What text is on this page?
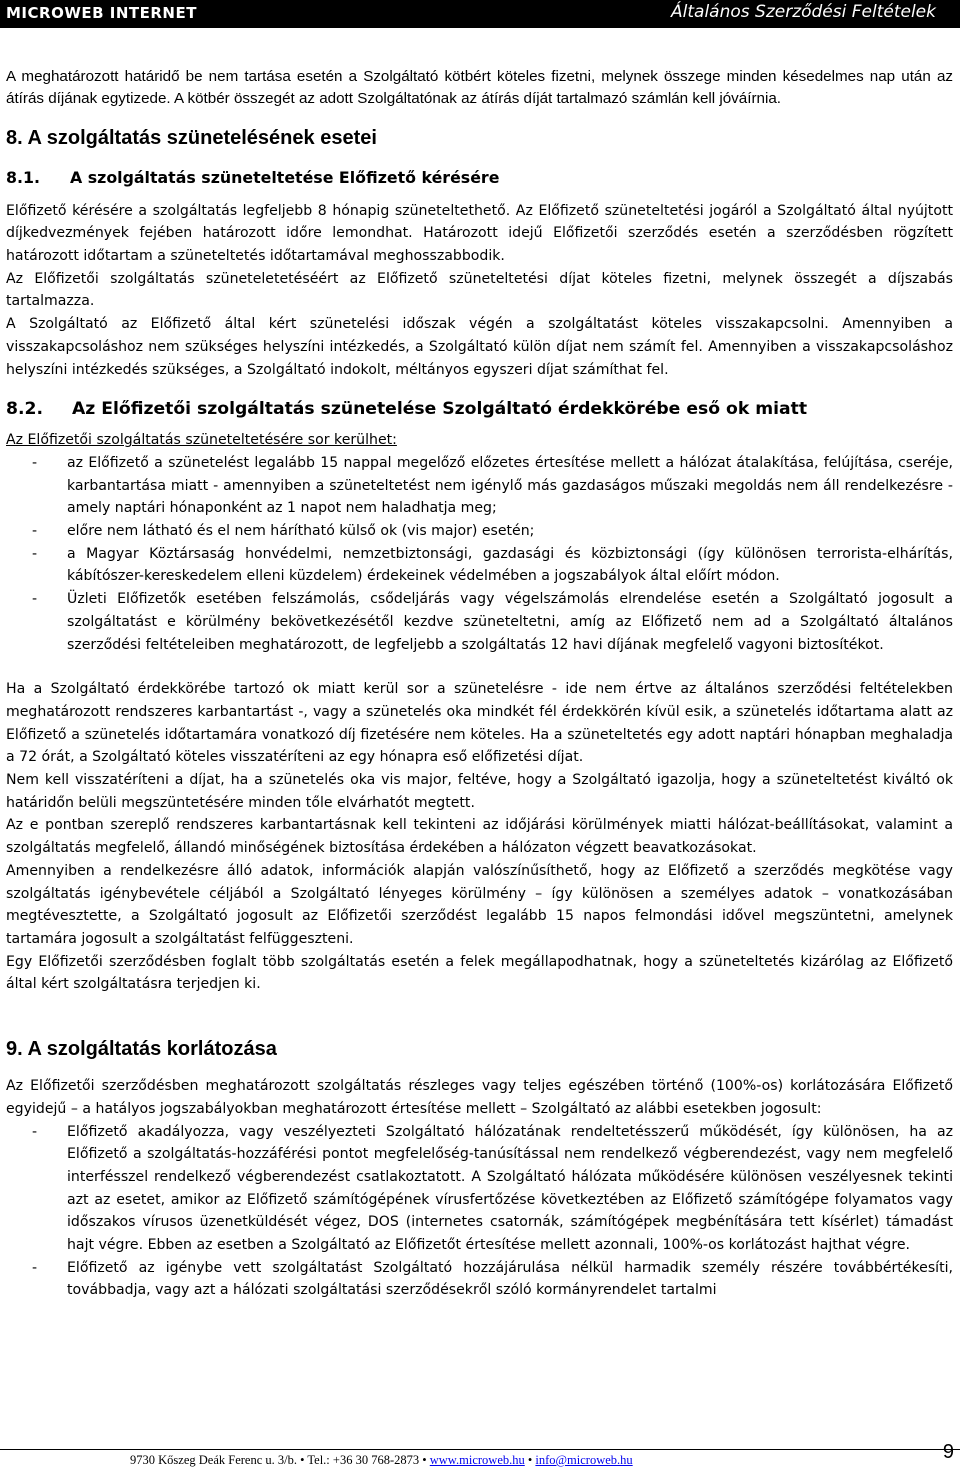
MICROWEB INTERNET	Általános Szerződési Feltételek

A meghatározott határidő be nem tartása esetén a Szolgáltató kötbért köteles fizetni, melynek összege minden késedelmes nap után az átírás díjának egytizede. A kötbér összegét az adott Szolgáltatónak az átírás díját tartalmazó számlán kell jóváírnia.

8. A szolgáltatás szünetelésének esetei
8.1. A szolgáltatás szüneteltetése Előfizető kérésére

Előfizető kérésére a szolgáltatás legfeljebb 8 hónapig szüneteltethető. Az Előfizető szüneteltetési jogáról a Szolgáltató által nyújtott díjkedvezmények fejében határozott időre lemondhat. Határozott idejű Előfizetői szerződés esetén a szerződésben rögzített határozott időtartam a szüneteltetés időtartamával meghosszabbodik.

Az Előfizetői szolgáltatás szüneteletetéséért az Előfizető szüneteltetési díjat köteles fizetni, melynek összegét a díjszabás tartalmazza.

A Szolgáltató az Előfizető által kért szünetelési időszak végén a szolgáltatást köteles visszakapcsolni. Amennyiben a visszakapcsoláshoz nem szükséges helyszíni intézkedés, a Szolgáltató külön díjat nem számít fel. Amennyiben a visszakapcsoláshoz helyszíni intézkedés szükséges, a Szolgáltató indokolt, méltányos egyszeri díjat számíthat fel.

8.2. Az Előfizetői szolgáltatás szünetelése Szolgáltató érdekkörébe eső ok miatt

Az Előfizetői szolgáltatás szüneteltetésére sor kerülhet:

- az Előfizető a szünetelést legalább 15 nappal megelőző előzetes értesítése mellett a hálózat átalakítása, felújítása, cseréje, karbantartása miatt - amennyiben a szüneteltetést nem igénylő más gazdaságos műszaki megoldás nem áll rendelkezésre - amely naptári hónaponként az 1 napot nem haladhatja meg;
- előre nem látható és el nem hárítható külső ok (vis major) esetén;
- a Magyar Köztársaság honvédelmi, nemzetbiztonsági, gazdasági és közbiztonsági (így különösen terrorista-elhárítás, kábítószer-kereskedelem elleni küzdelem) érdekeinek védelmében a jogszabályok által előírt módon.
- Üzleti Előfizetők esetében felszámolás, csődeljárás vagy végelszámolás elrendelése esetén a Szolgáltató jogosult a szolgáltatást e körülmény bekövetkezésétől kezdve szüneteltetni, amíg az Előfizető nem ad a Szolgáltató általános szerződési feltételeiben meghatározott, de legfeljebb a szolgáltatás 12 havi díjának megfelelő vagyoni biztosítékot.

Ha a Szolgáltató érdekkörébe tartozó ok miatt kerül sor a szünetelésre - ide nem értve az általános szerződési feltételekben meghatározott rendszeres karbantartást -, vagy a szünetelés oka mindkét fél érdekkörén kívül esik, a szünetelés időtartama alatt az Előfizető a szünetelés időtartamára vonatkozó díj fizetésére nem köteles. Ha a szüneteltetés egy adott naptári hónapban meghaladja a 72 órát, a Szolgáltató köteles visszatéríteni az egy hónapra eső előfizetési díjat.

Nem kell visszatéríteni a díjat, ha a szünetelés oka vis major, feltéve, hogy a Szolgáltató igazolja, hogy a szüneteltetést kiváltó ok határidőn belüli megszüntetésére minden tőle elvárhatót megtett.

Az e pontban szereplő rendszeres karbantartásnak kell tekinteni az időjárási körülmények miatti hálózat-beállításokat, valamint a szolgáltatás megfelelő, állandó minőségének biztosítása érdekében a hálózaton végzett beavatkozásokat.

Amennyiben a rendelkezésre álló adatok, információk alapján valószínűsíthető, hogy az Előfizető a szerződés megkötése vagy szolgáltatás igénybevétele céljából a Szolgáltató lényeges körülmény – így különösen a személyes adatok – vonatkozásában megtévesztette, a Szolgáltató jogosult az Előfizetői szerződést legalább 15 napos felmondási idővel megszüntetni, amelynek tartamára jogosult a szolgáltatást felfüggeszteni.

Egy Előfizetői szerződésben foglalt több szolgáltatás esetén a felek megállapodhatnak, hogy a szüneteltetés kizárólag az Előfizető által kért szolgáltatásra terjedjen ki.

9. A szolgáltatás korlátozása

Az Előfizetői szerződésben meghatározott szolgáltatás részleges vagy teljes egészében történő (100%-os) korlátozására Előfizető egyidejű – a hatályos jogszabályokban meghatározott értesítése mellett – Szolgáltató az alábbi esetekben jogosult:

- Előfizető akadályozza, vagy veszélyezteti Szolgáltató hálózatának rendeltetésszerű működését, így különösen, ha az Előfizető a szolgáltatás-hozzáférési pontot megfelelőség-tanúsítással nem rendelkező végberendezést, vagy nem megfelelő interfésszel rendelkező végberendezést csatlakoztatott. A Szolgáltató hálózata működésére különösen veszélyesnek tekinti azt az esetet, amikor az Előfizető számítógépének vírusfertőzése következtében az Előfizető számítógépe folyamatos vagy időszakos vírusos üzenetküldését végez, DOS (internetes csatornák, számítógépek megbénítására tett kísérlet) támadást hajt végre. Ebben az esetben a Szolgáltató az Előfizetőt értesítése mellett azonnali, 100%-os korlátozást hajthat végre.
- Előfizető az igénybe vett szolgáltatást Szolgáltató hozzájárulása nélkül harmadik személy részére továbbértékesíti, továbbadja, vagy azt a hálózati szolgáltatási szerződésekről szóló kormányrendelet tartalmi
9730 Kőszeg Deák Ferenc u. 3/b. • Tel.: +36 30 768-2873 • www.microweb.hu • info@microweb.hu	9
